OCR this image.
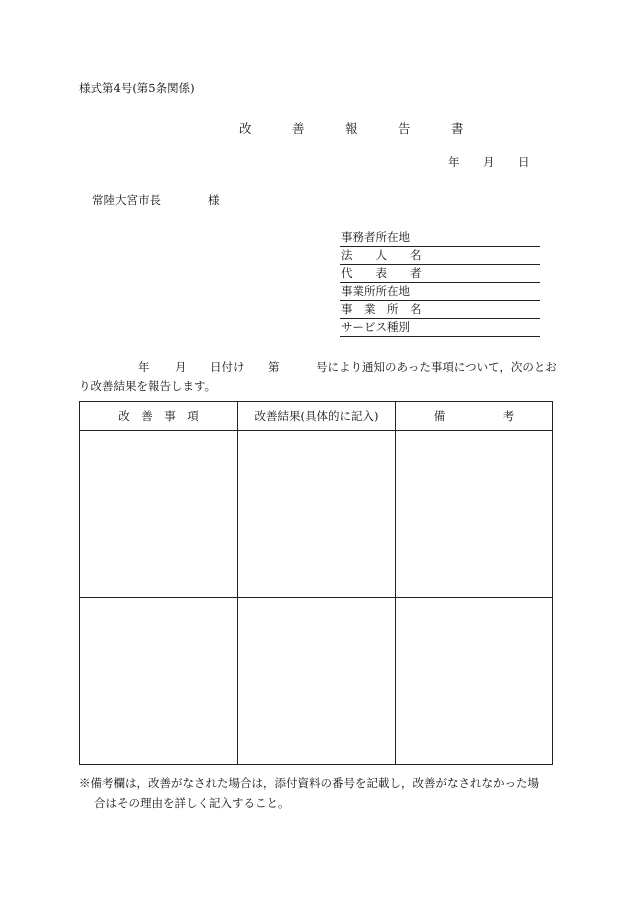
様式第4号(第5条関係)
改　善　報　告　書
年 月 日
常陸大宮市長	様
事務者所在地
法　　人　　名
代　　表　　者
事業所所在地
事　業　所　名
サービス種別
年 月 日付け 第	号により通知のあった事項について，次のとお
り改善結果を報告します。
改　善　事　項	改善結果(具体的に記入)	備　　　　　考

※備考欄は，改善がなされた場合は，添付資料の番号を記載し，改善がなされなかった場
合はその理由を詳しく記入すること。
